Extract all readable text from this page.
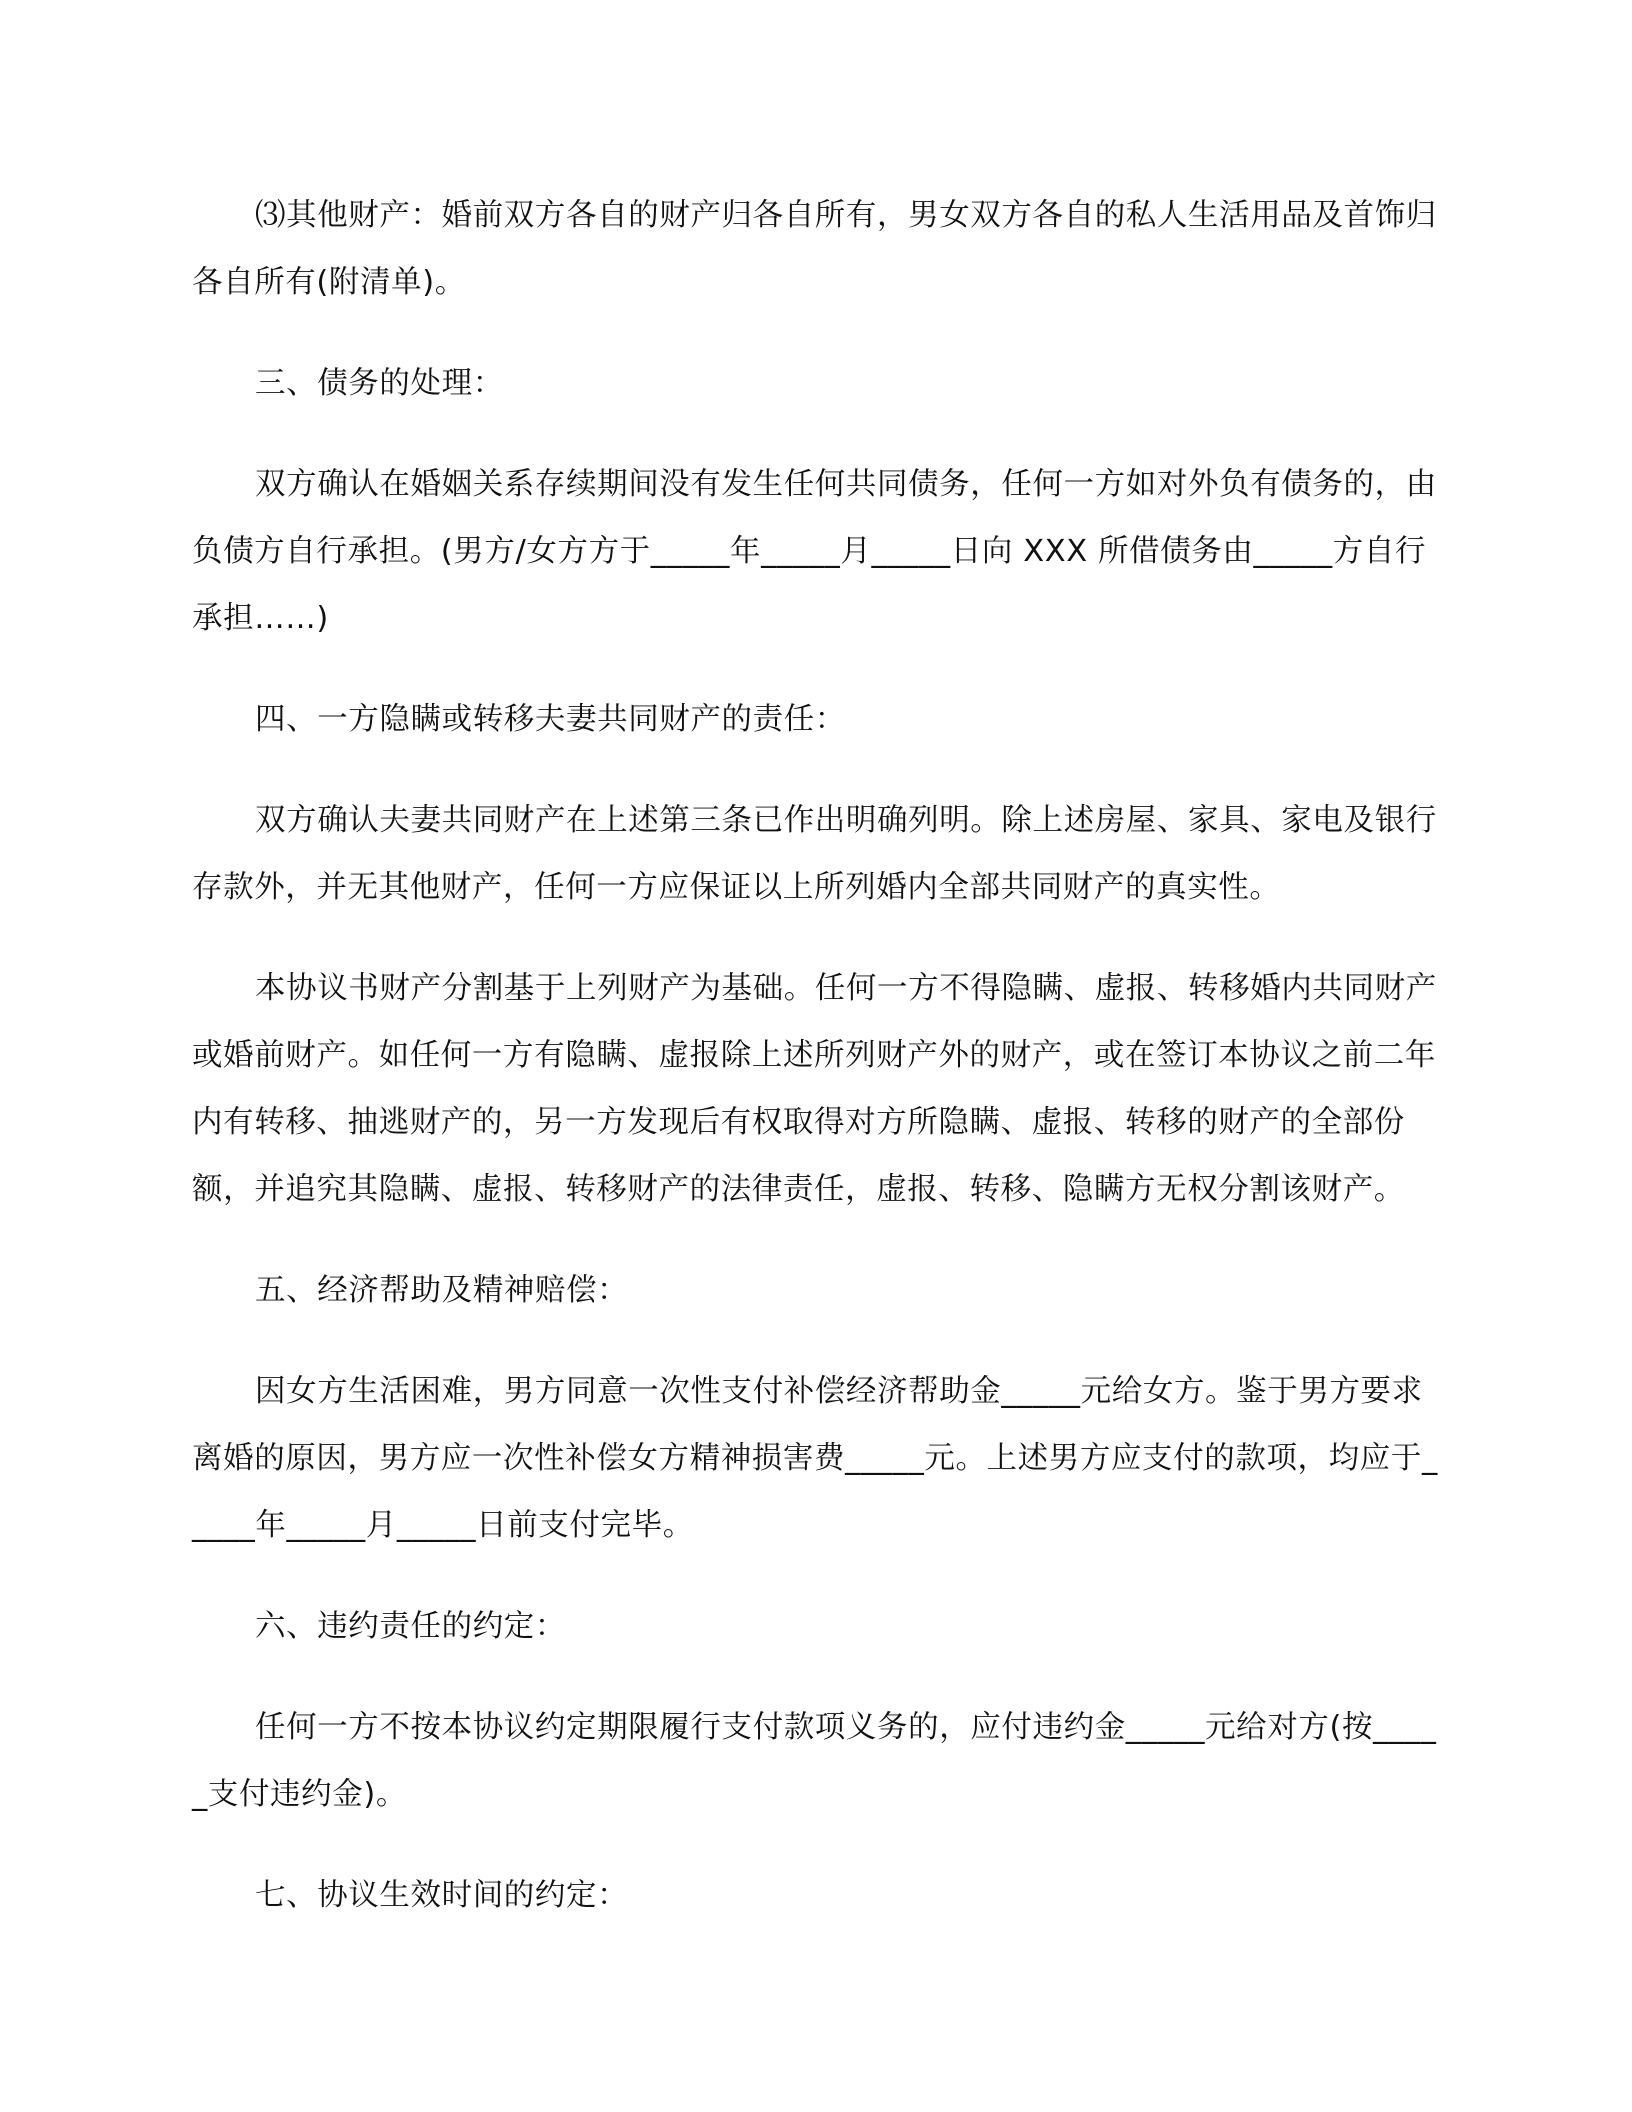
⑶其他财产：婚前双方各自的财产归各自所有，男女双方各自的私人生活用品及首饰归各自所有(附清单)。

三、债务的处理：

双方确认在婚姻关系存续期间没有发生任何共同债务，任何一方如对外负有债务的，由负债方自行承担。(男方/女方方于_____年_____月_____日向 XXX 所借债务由_____方自行承担……)

四、一方隐瞒或转移夫妻共同财产的责任：

双方确认夫妻共同财产在上述第三条已作出明确列明。除上述房屋、家具、家电及银行存款外，并无其他财产，任何一方应保证以上所列婚内全部共同财产的真实性。

本协议书财产分割基于上列财产为基础。任何一方不得隐瞒、虚报、转移婚内共同财产或婚前财产。如任何一方有隐瞒、虚报除上述所列财产外的财产，或在签订本协议之前二年内有转移、抽逃财产的，另一方发现后有权取得对方所隐瞒、虚报、转移的财产的全部份额，并追究其隐瞒、虚报、转移财产的法律责任，虚报、转移、隐瞒方无权分割该财产。

五、经济帮助及精神赔偿：

因女方生活困难，男方同意一次性支付补偿经济帮助金_____元给女方。鉴于男方要求离婚的原因，男方应一次性补偿女方精神损害费_____元。上述男方应支付的款项，均应于_____年_____月_____日前支付完毕。

六、违约责任的约定：

任何一方不按本协议约定期限履行支付款项义务的，应付违约金_____元给对方(按_____支付违约金)。

七、协议生效时间的约定：
